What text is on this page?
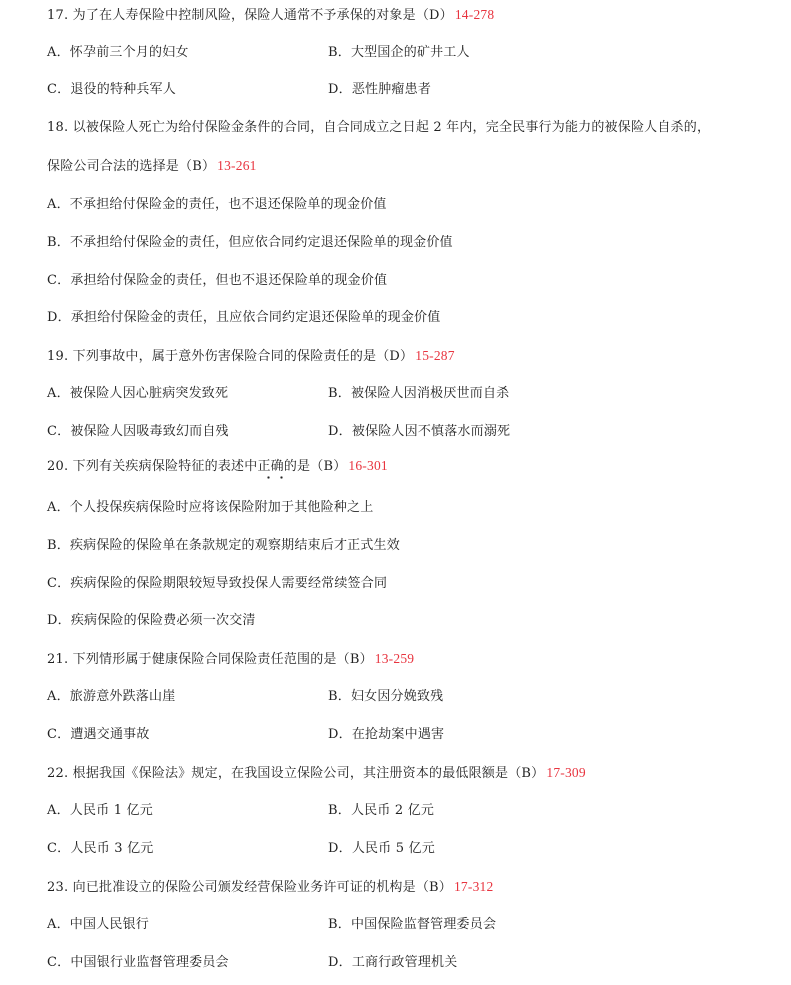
17. 为了在人寿保险中控制风险，保险人通常不予承保的对象是（D） 14-278
A．怀孕前三个月的妇女	B．大型国企的矿井工人
C．退役的特种兵军人	D．恶性肿瘤患者
18. 以被保险人死亡为给付保险金条件的合同，自合同成立之日起 2 年内，完全民事行为能力的被保险人自杀的，
保险公司合法的选择是（B） 13-261
A．不承担给付保险金的责任，也不退还保险单的现金价值
B．不承担给付保险金的责任，但应依合同约定退还保险单的现金价值
C．承担给付保险金的责任，但也不退还保险单的现金价值
D．承担给付保险金的责任，且应依合同约定退还保险单的现金价值
19. 下列事故中，属于意外伤害保险合同的保险责任的是（D） 15-287
A．被保险人因心脏病突发致死	B．被保险人因消极厌世而自杀
C．被保险人因吸毒致幻而自残	D．被保险人因不慎落水而溺死
20. 下列有关疾病保险特征的表述中正确的是（B） 16-301
A．个人投保疾病保险时应将该保险附加于其他险种之上
B．疾病保险的保险单在条款规定的观察期结束后才正式生效
C．疾病保险的保险期限较短导致投保人需要经常续签合同
D．疾病保险的保险费必须一次交清
21. 下列情形属于健康保险合同保险责任范围的是（B） 13-259
A．旅游意外跌落山崖	B．妇女因分娩致残
C．遭遇交通事故	D．在抢劫案中遇害
22. 根据我国《保险法》规定，在我国设立保险公司，其注册资本的最低限额是（B） 17-309
A．人民币 1 亿元	B．人民币 2 亿元
C．人民币 3 亿元	D．人民币 5 亿元
23. 向已批准设立的保险公司颁发经营保险业务许可证的机构是（B） 17-312
A．中国人民银行	B．中国保险监督管理委员会
C．中国银行业监督管理委员会	D．工商行政管理机关
